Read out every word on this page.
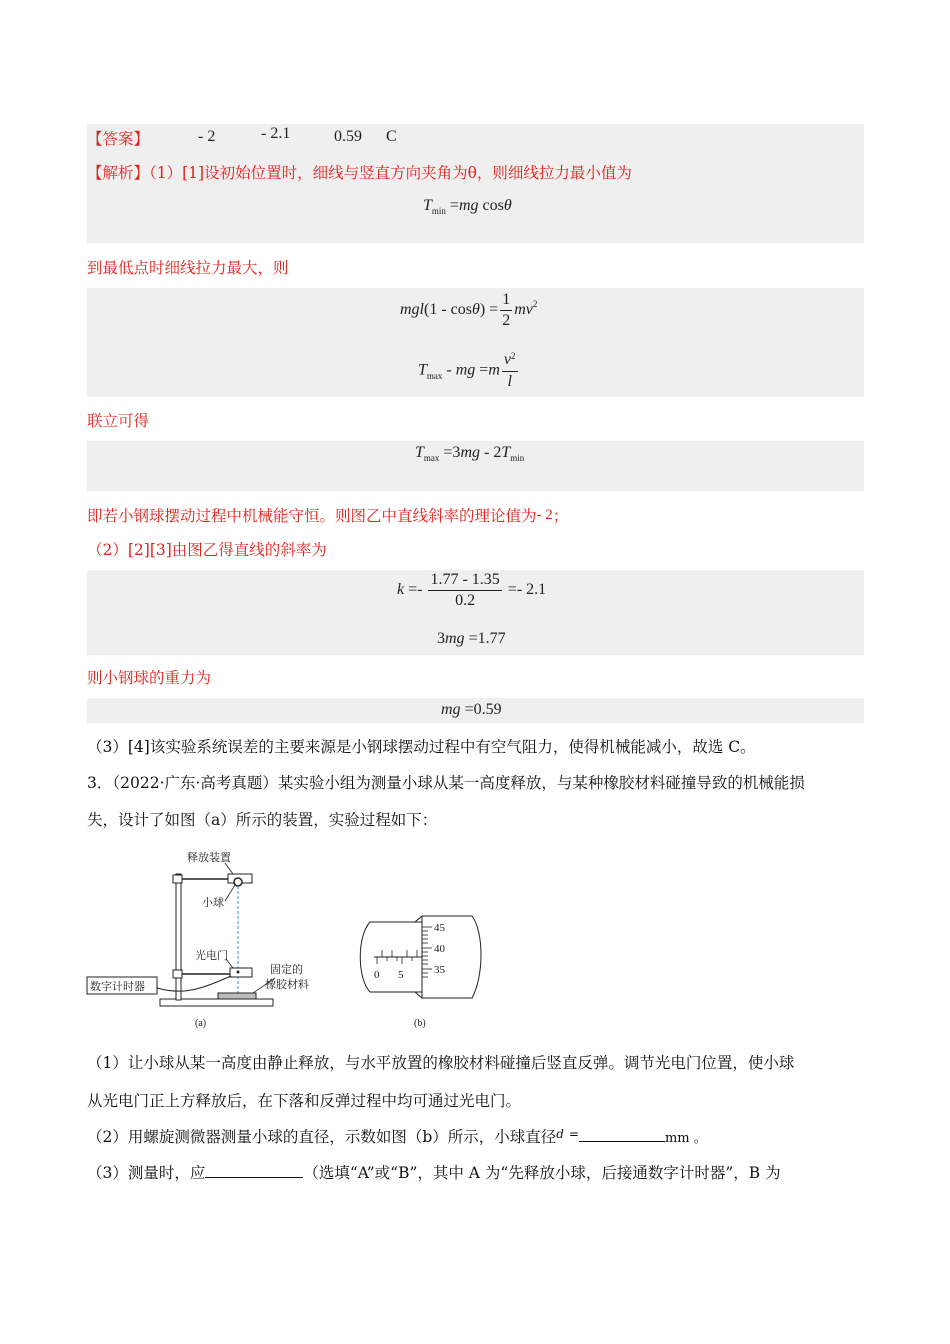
【答案】	- 2	- 2.1	0.59 C
【解析】（1）[1]设初始位置时，细线与竖直方向夹角为θ，则细线拉力最小值为
$T_{min} =mg$ cosθ
到最低点时细线拉力最大，则
$mgl(1 - \cos\theta) = \frac{1}{2} mv^2$
$T_{max}$ - mg $=m \frac{v^2}{l}$
联立可得
$T_{max} =3mg - 2T_{min}$
即若小钢球摆动过程中机械能守恒。则图乙中直线斜率的理论值为- 2；
（2）[2][3]由图乙得直线的斜率为
$k =- \frac{1.77 - 1.35}{0.2} =- 2.1$
3mg =1.77
则小钢球的重力为
mg =0.59
（3）[4]该实验系统误差的主要来源是小钢球摆动过程中有空气阻力，使得机械能减小，故选 C。
3．（2022·广东·高考真题）某实验小组为测量小球从某一高度释放，与某种橡胶材料碰撞导致的机械能损
失，设计了如图（a）所示的装置，实验过程如下：
释放装置
小球
光电门
固定的
橡胶材料
数字计时器
(a)
45
40
35
0 5
(b)
（1）让小球从某一高度由静止释放，与水平放置的橡胶材料碰撞后竖直反弹。调节光电门位置，使小球
从光电门正上方释放后，在下落和反弹过程中均可通过光电门。
（2）用螺旋测微器测量小球的直径，示数如图（b）所示，小球直径$^d$ =	mm 。
（3）测量时，应	（选填“A”或“B”，其中 A 为“先释放小球，后接通数字计时器”，B 为
